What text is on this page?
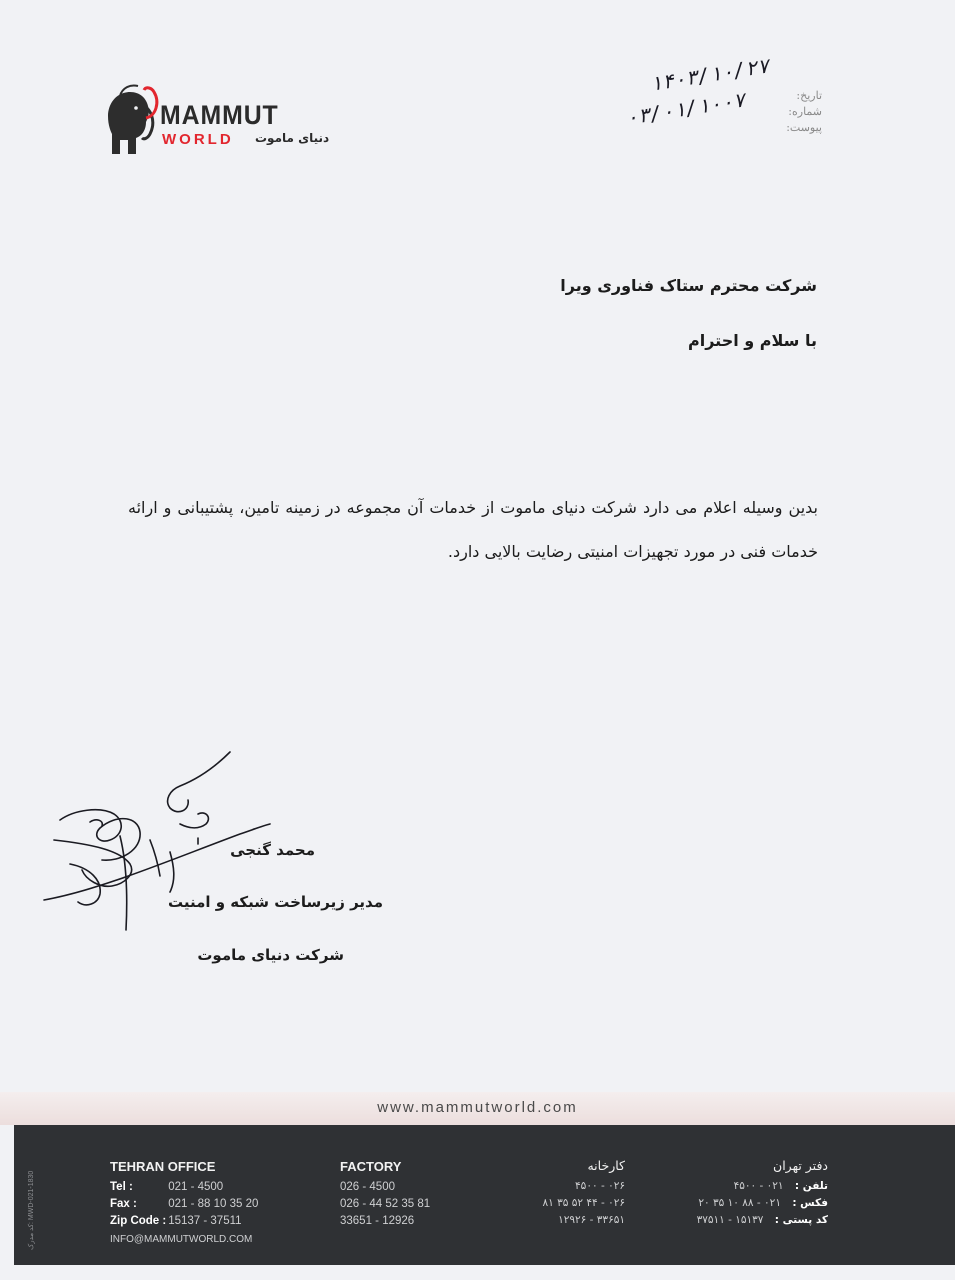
MAMMUT
WORLD دنیای ماموت
تاریخ:
شماره:
پیوست:
۱۴۰۳/۱۰/۲۷
۰۳/۰۱/۱۰۰۷
شرکت محترم ستاک فناوری ویرا
با سلام و احترام
بدین وسیله اعلام می دارد شرکت دنیای ماموت از خدمات آن مجموعه در زمینه تامین، پشتیبانی و ارائه خدمات فنی در مورد تجهیزات امنیتی رضایت بالایی دارد.
محمد گنجی
مدیر زیرساخت شبکه و امنیت
شرکت دنیای ماموت
www.mammutworld.com
کد مدرک: MWD-021-1830
TEHRAN OFFICE
Tel :	021 - 4500
Fax :	021 - 88 10 35 20
Zip Code : 15137 - 37511
INFO@MAMMUTWORLD.COM
FACTORY
026 - 4500
026 - 44 52 35 81
33651 - 12926
کارخانه
۰۲۶ - ۴۵۰۰
۰۲۶ - ۴۴ ۵۲ ۳۵ ۸۱
۳۳۶۵۱ - ۱۲۹۲۶
دفتر تهران
تلفن : ۰۲۱ - ۴۵۰۰
فکس : ۰۲۱ - ۸۸ ۱۰ ۳۵ ۲۰
کد پستی : ۱۵۱۳۷ - ۳۷۵۱۱
